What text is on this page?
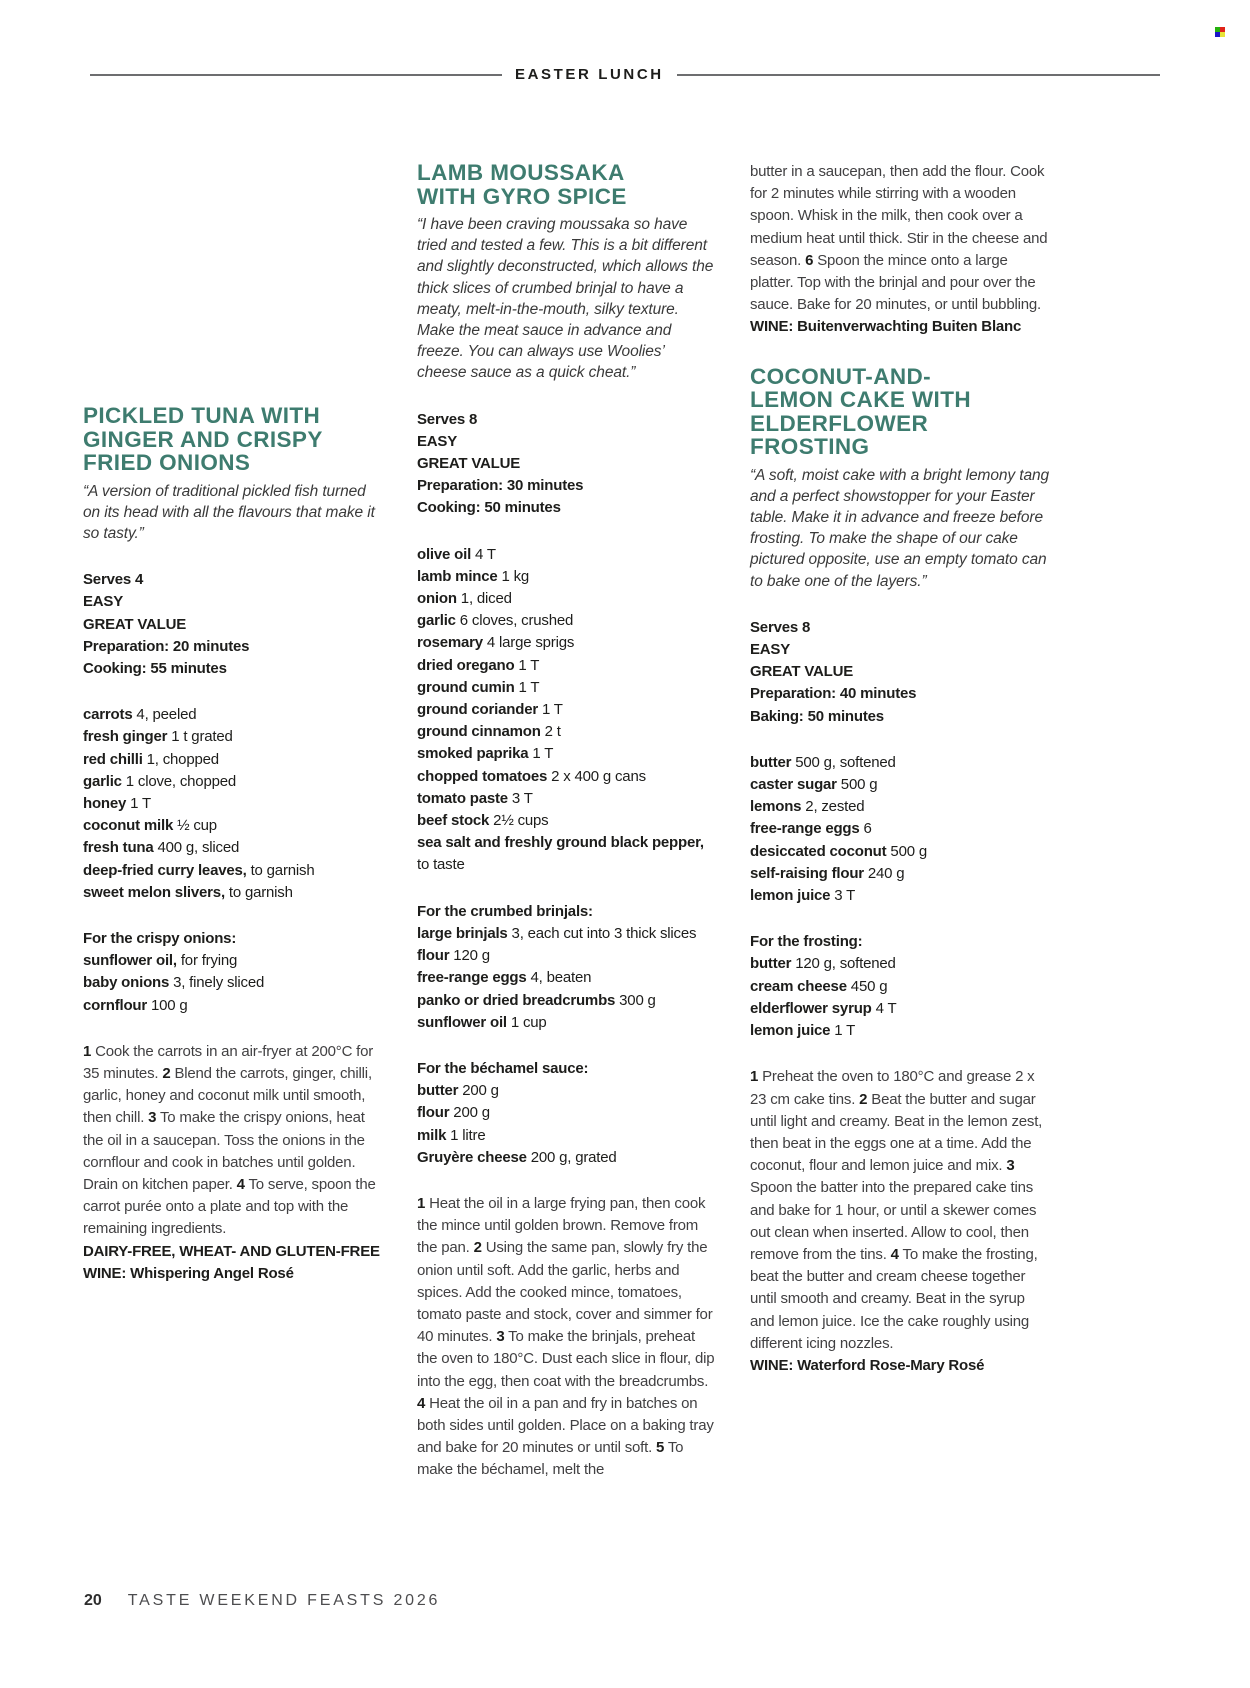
EASTER LUNCH
PICKLED TUNA WITH
GINGER AND CRISPY
FRIED ONIONS

“A version of traditional pickled fish turned on its head with all the flavours that make it so tasty.”

Serves 4
EASY
GREAT VALUE
Preparation: 20 minutes
Cooking: 55 minutes
carrots 4, peeled
fresh ginger 1 t grated
red chilli 1, chopped
garlic 1 clove, chopped
honey 1 T
coconut milk ½ cup
fresh tuna 400 g, sliced
deep-fried curry leaves, to garnish
sweet melon slivers, to garnish
For the crispy onions:
sunflower oil, for frying
baby onions 3, finely sliced
cornflour 100 g

1 Cook the carrots in an air-fryer at 200°C for 35 minutes. 2 Blend the carrots, ginger, chilli, garlic, honey and coconut milk until smooth, then chill. 3 To make the crispy onions, heat the oil in a saucepan. Toss the onions in the cornflour and cook in batches until golden. Drain on kitchen paper. 4 To serve, spoon the carrot purée onto a plate and top with the remaining ingredients.

DAIRY-FREE, WHEAT- AND GLUTEN-FREE
WINE: Whispering Angel Rosé
LAMB MOUSSAKA
WITH GYRO SPICE

“I have been craving moussaka so have tried and tested a few. This is a bit different and slightly deconstructed, which allows the thick slices of crumbed brinjal to have a meaty, melt-in-the-mouth, silky texture. Make the meat sauce in advance and freeze. You can always use Woolies’ cheese sauce as a quick cheat.”

Serves 8
EASY
GREAT VALUE
Preparation: 30 minutes
Cooking: 50 minutes
olive oil 4 T
lamb mince 1 kg
onion 1, diced
garlic 6 cloves, crushed
rosemary 4 large sprigs
dried oregano 1 T
ground cumin 1 T
ground coriander 1 T
ground cinnamon 2 t
smoked paprika 1 T
chopped tomatoes 2 x 400 g cans
tomato paste 3 T
beef stock 2½ cups
sea salt and freshly ground black pepper, to taste
For the crumbed brinjals:
large brinjals 3, each cut into 3 thick slices
flour 120 g
free-range eggs 4, beaten
panko or dried breadcrumbs 300 g
sunflower oil 1 cup
For the béchamel sauce:
butter 200 g
flour 200 g
milk 1 litre
Gruyère cheese 200 g, grated

1 Heat the oil in a large frying pan, then cook the mince until golden brown. Remove from the pan. 2 Using the same pan, slowly fry the onion until soft. Add the garlic, herbs and spices. Add the cooked mince, tomatoes, tomato paste and stock, cover and simmer for 40 minutes. 3 To make the brinjals, preheat the oven to 180°C. Dust each slice in flour, dip into the egg, then coat with the breadcrumbs. 4 Heat the oil in a pan and fry in batches on both sides until golden. Place on a baking tray and bake for 20 minutes or until soft. 5 To make the béchamel, melt the

butter in a saucepan, then add the flour. Cook for 2 minutes while stirring with a wooden spoon. Whisk in the milk, then cook over a medium heat until thick. Stir in the cheese and season. 6 Spoon the mince onto a large platter. Top with the brinjal and pour over the sauce. Bake for 20 minutes, or until bubbling.

WINE: Buitenverwachting Buiten Blanc
COCONUT-AND-
LEMON CAKE WITH
ELDERFLOWER FROSTING

“A soft, moist cake with a bright lemony tang and a perfect showstopper for your Easter table. Make it in advance and freeze before frosting. To make the shape of our cake pictured opposite, use an empty tomato can to bake one of the layers.”

Serves 8
EASY
GREAT VALUE
Preparation: 40 minutes
Baking: 50 minutes
butter 500 g, softened
caster sugar 500 g
lemons 2, zested
free-range eggs 6
desiccated coconut 500 g
self-raising flour 240 g
lemon juice 3 T
For the frosting:
butter 120 g, softened
cream cheese 450 g
elderflower syrup 4 T
lemon juice 1 T

1 Preheat the oven to 180°C and grease 2 x 23 cm cake tins. 2 Beat the butter and sugar until light and creamy. Beat in the lemon zest, then beat in the eggs one at a time. Add the coconut, flour and lemon juice and mix. 3 Spoon the batter into the prepared cake tins and bake for 1 hour, or until a skewer comes out clean when inserted. Allow to cool, then remove from the tins. 4 To make the frosting, beat the butter and cream cheese together until smooth and creamy. Beat in the syrup and lemon juice. Ice the cake roughly using different icing nozzles.

WINE: Waterford Rose-Mary Rosé
20 TASTE WEEKEND FEASTS 2026
